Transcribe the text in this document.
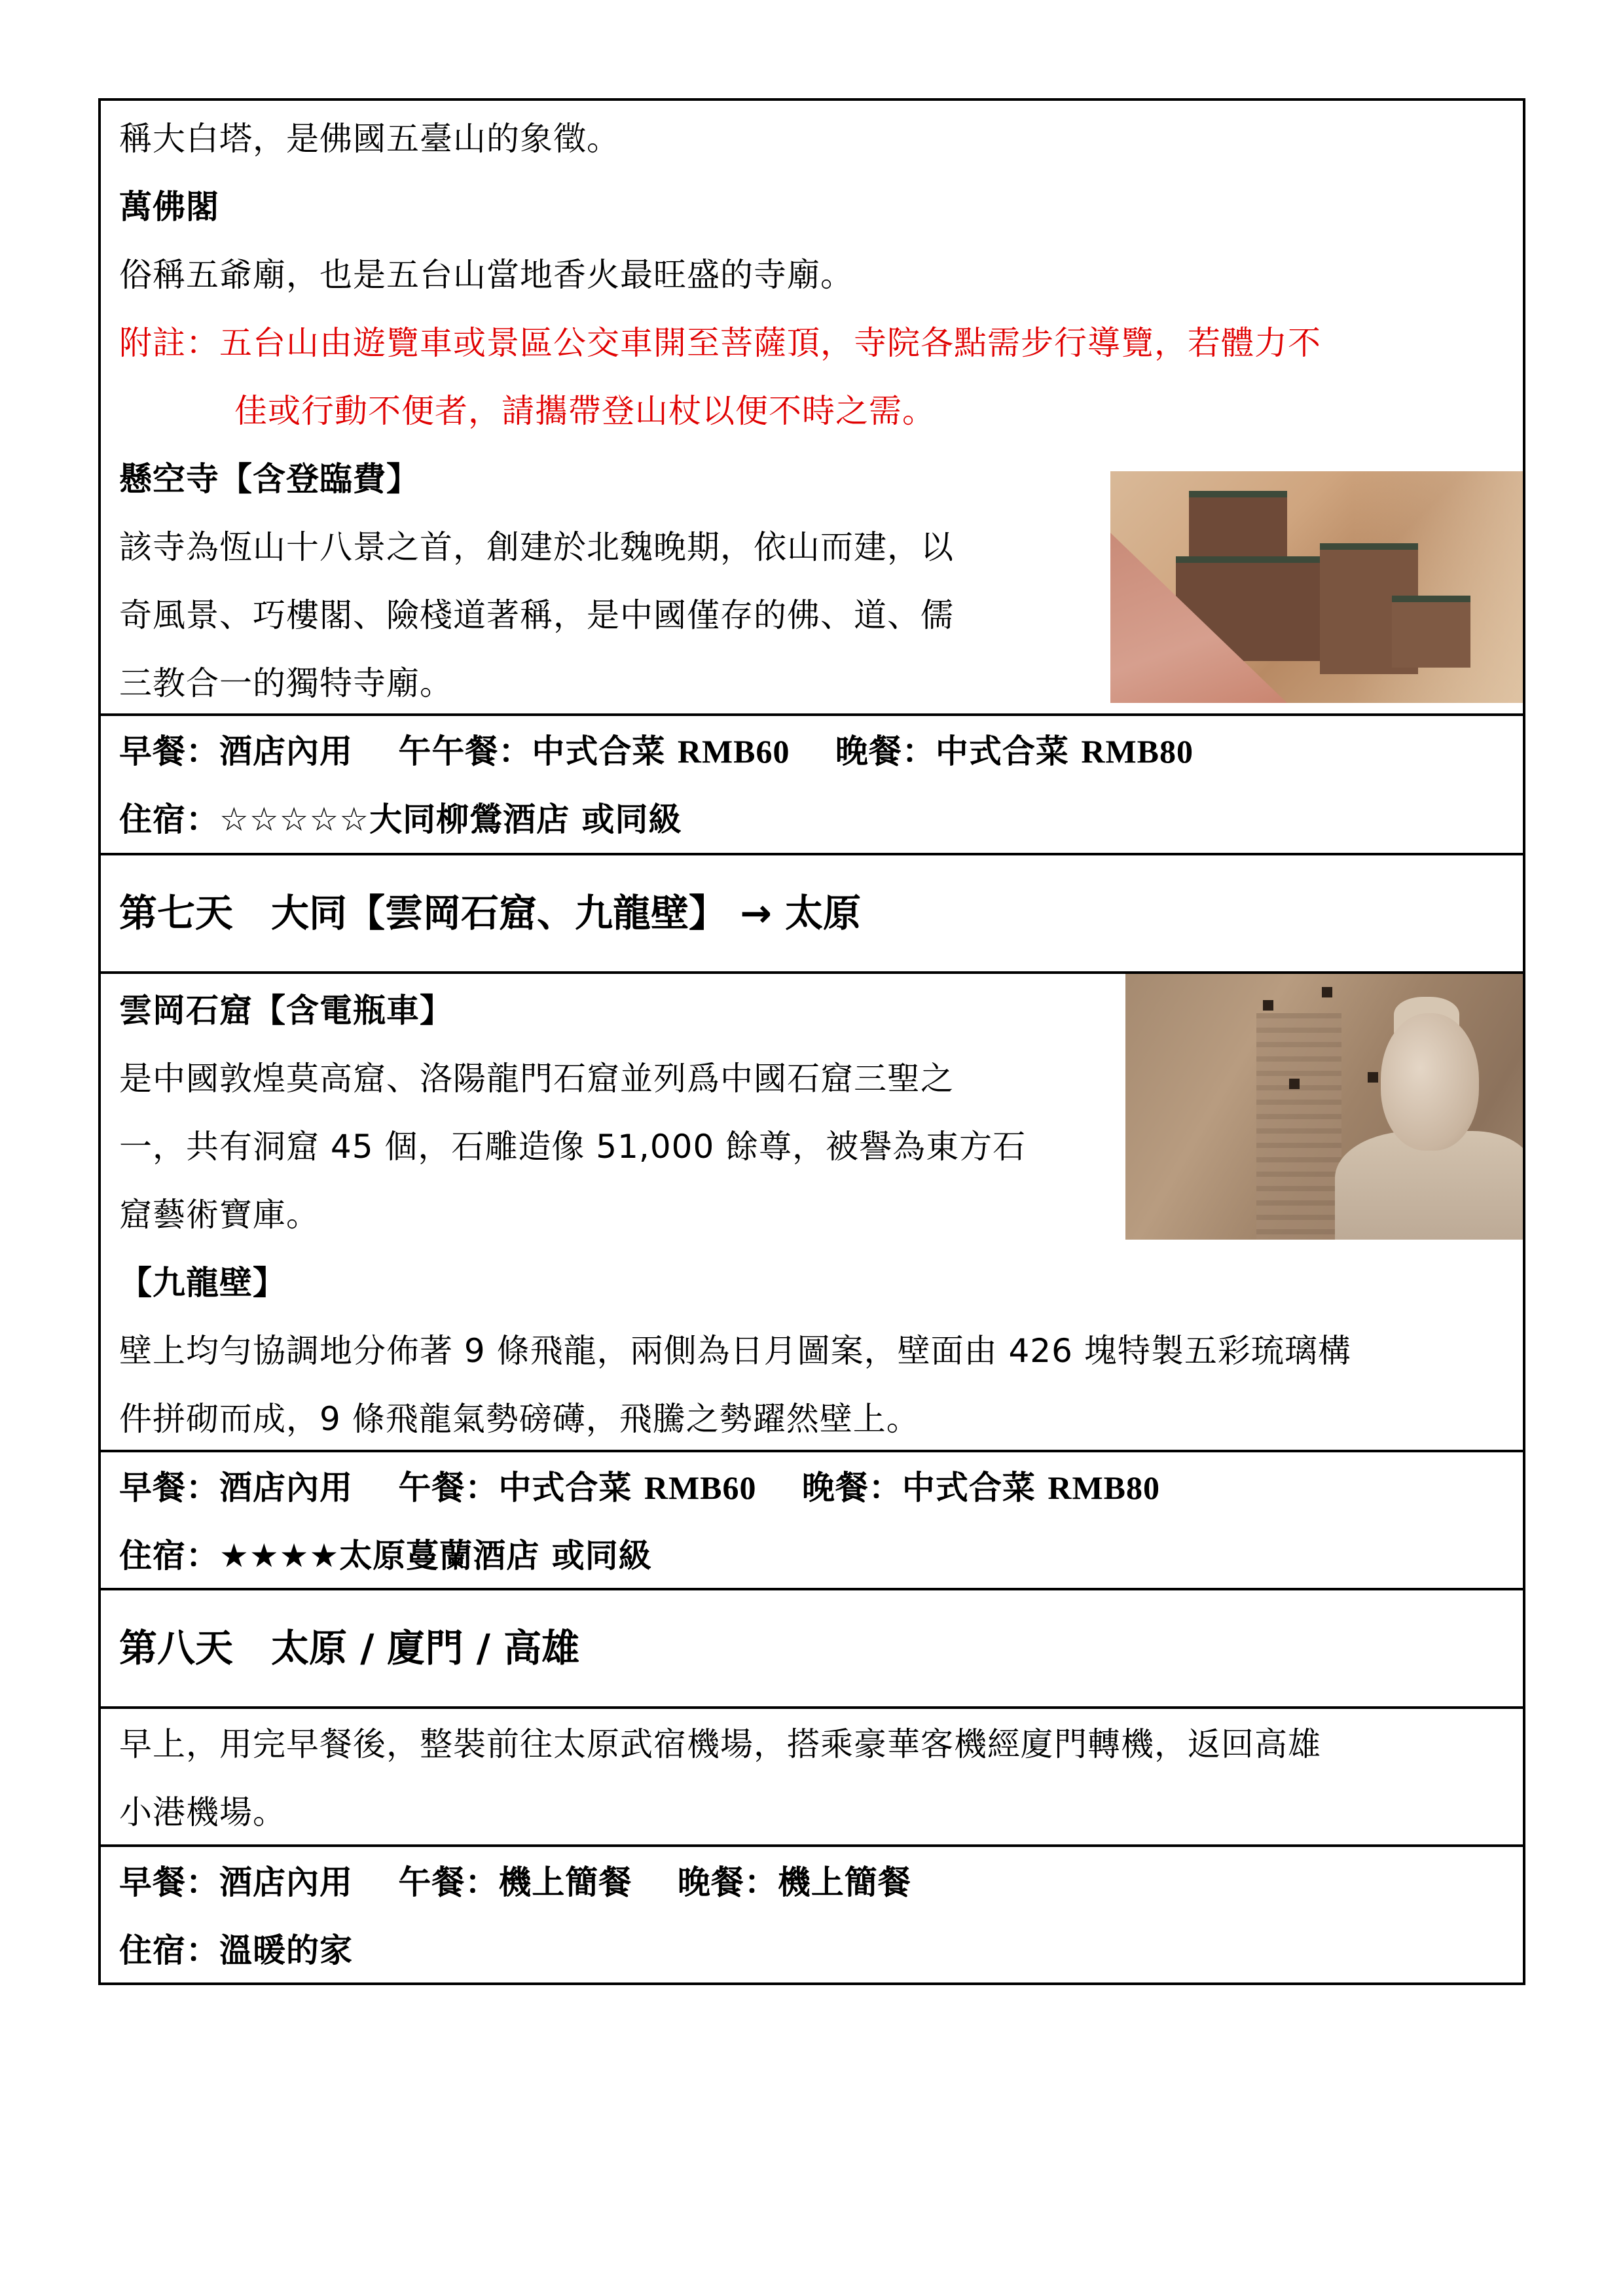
稱大白塔，是佛國五臺山的象徵。
萬佛閣
俗稱五爺廟，也是五台山當地香火最旺盛的寺廟。
附註：五台山由遊覽車或景區公交車開至菩薩頂，寺院各點需步行導覽，若體力不
佳或行動不便者，請攜帶登山杖以便不時之需。
懸空寺【含登臨費】
該寺為恆山十八景之首，創建於北魏晚期，依山而建，以
奇風景、巧樓閣、險棧道著稱，是中國僅存的佛、道、儒
三教合一的獨特寺廟。
早餐：酒店內用　 午午餐：中式合菜 RMB60　 晚餐：中式合菜 RMB80
住宿：☆☆☆☆☆大同柳鶯酒店 或同級
第七天　大同【雲岡石窟、九龍壁】 → 太原
雲岡石窟【含電瓶車】
是中國敦煌莫高窟、洛陽龍門石窟並列爲中國石窟三聖之
一，共有洞窟 45 個，石雕造像 51,000 餘尊，被譽為東方石
窟藝術寶庫。
【九龍壁】
壁上均勻協調地分佈著 9 條飛龍，兩側為日月圖案，壁面由 426 塊特製五彩琉璃構
件拼砌而成，9 條飛龍氣勢磅礡，飛騰之勢躍然壁上。
早餐：酒店內用　 午餐：中式合菜 RMB60　 晚餐：中式合菜 RMB80
住宿：★★★★太原蔓蘭酒店 或同級
第八天　太原 / 廈門 / 高雄
早上，用完早餐後，整裝前往太原武宿機場，搭乘豪華客機經廈門轉機，返回高雄
小港機場。
早餐：酒店內用　 午餐：機上簡餐　 晚餐：機上簡餐
住宿：溫暖的家
